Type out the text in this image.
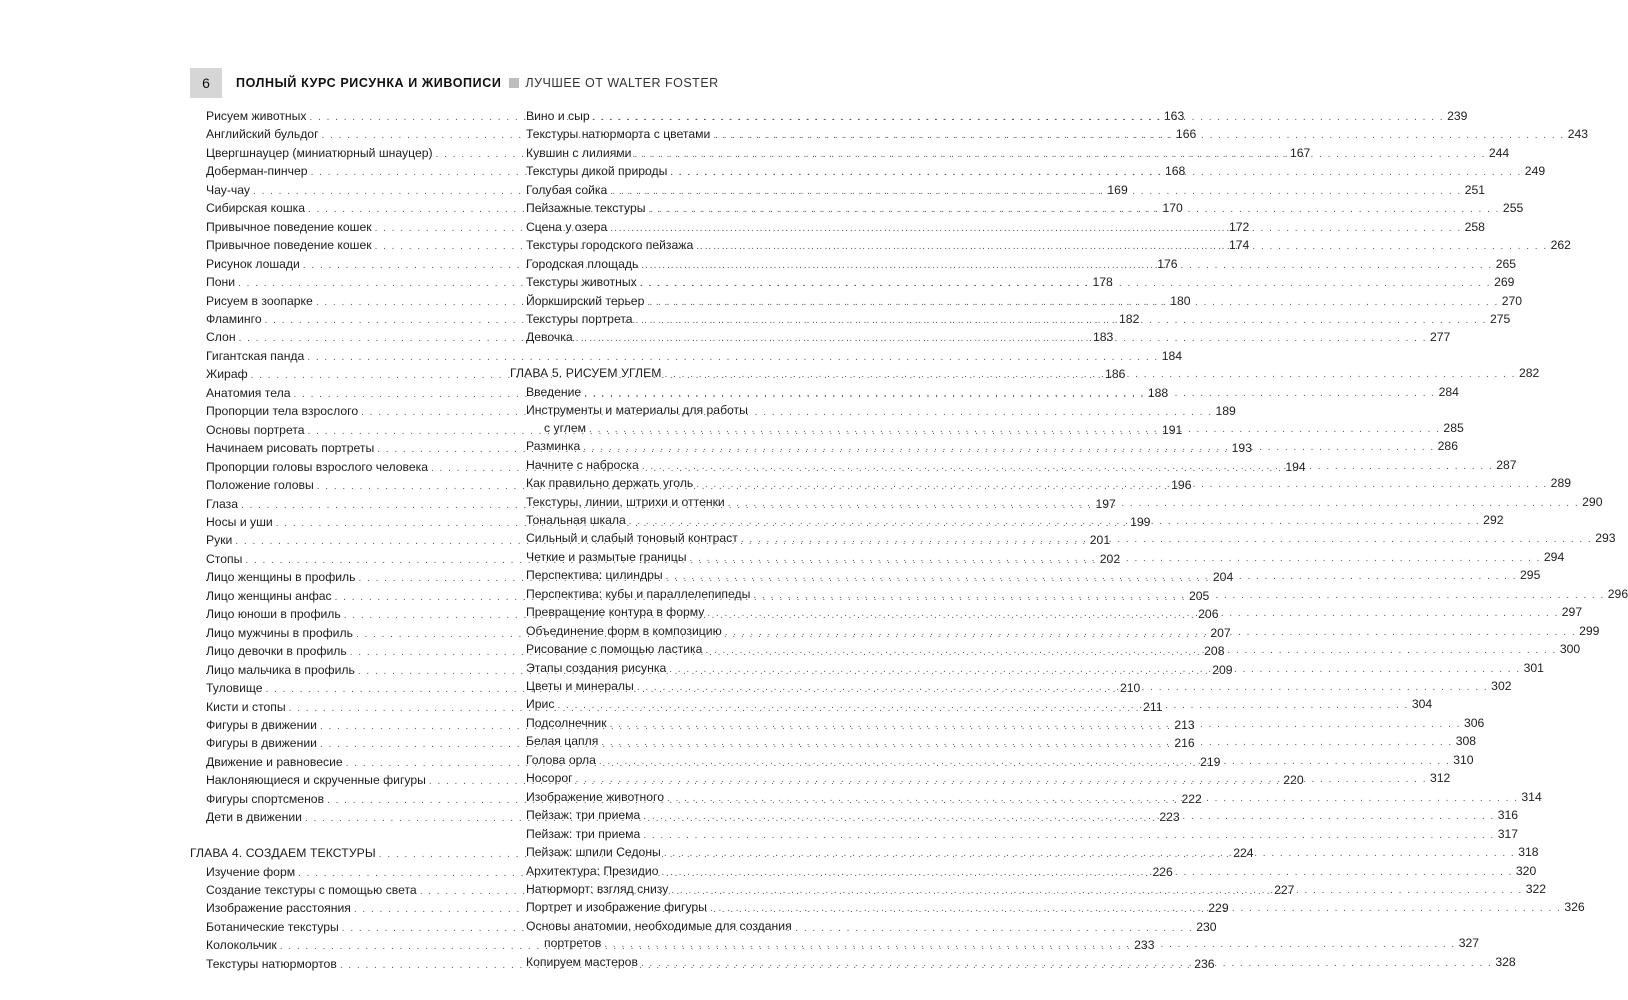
6	ПОЛНЫЙ КУРС РИСУНКА И ЖИВОПИСИ ЛУЧШЕЕ ОТ WALTER FOSTER
Рисуем животных . . .	163
Английский бульдог . . .	166
Цвергшнауцер (миниатюрный шнауцер) . . .	167
Доберман-пинчер . . .	168
Чау-чау . . .	169
Сибирская кошка . . .	170
Привычное поведение кошек . . .	172
Привычное поведение кошек . . .	174
Рисунок лошади . . .	176
Пони . . .	178
Рисуем в зоопарке . . .	180
Фламинго . . .	182
Слон . . .	183
Гигантская панда . . .	184
Жираф . . .	186
Анатомия тела . . .	188
Пропорции тела взрослого . . .	189
Основы портрета . . .	191
Начинаем рисовать портреты . . .	193
Пропорции головы взрослого человека . . .	194
Положение головы . . .	196
Глаза . . .	197
Носы и уши . . .	199
Руки . . .	201
Стопы . . .	202
Лицо женщины в профиль . . .	204
Лицо женщины анфас . . .	205
Лицо юноши в профиль . . .	206
Лицо мужчины в профиль . . .	207
Лицо девочки в профиль . . .	208
Лицо мальчика в профиль . . .	209
Туловище . . .	210
Кисти и стопы . . .	211
Фигуры в движении . . .	213
Фигуры в движении . . .	216
Движение и равновесие . . .	219
Наклоняющиеся и скрученные фигуры . . .	220
Фигуры спортсменов . . .	222
Дети в движении . . .	223
ГЛАВА 4. СОЗДАЕМ ТЕКСТУРЫ . . .	224
Изучение форм . . .	226
Создание текстуры с помощью света . . .	227
Изображение расстояния . . .	229
Ботанические текстуры . . .	230
Колокольчик . . .	233
Текстуры натюрмортов . . .	236
Вино и сыр . . .	239
Текстуры натюрморта с цветами . . .	243
Кувшин с лилиями . . .	244
Текстуры дикой природы . . .	249
Голубая сойка . . .	251
Пейзажные текстуры . . .	255
Сцена у озера . . .	258
Текстуры городского пейзажа . . .	262
Городская площадь . . .	265
Текстуры животных . . .	269
Йоркширский терьер . . .	270
Текстуры портрета . . .	275
Девочка . . .	277
ГЛАВА 5. РИСУЕМ УГЛЕМ . . .	282
Введение . . .	284
Инструменты и материалы для работы
с углем . . .	285
Разминка . . .	286
Начните с наброска . . .	287
Как правильно держать уголь . . .	289
Текстуры, линии, штрихи и оттенки . . .	290
Тональная шкала . . .	292
Сильный и слабый тоновый контраст . . .	293
Четкие и размытые границы . . .	294
Перспектива: цилиндры . . .	295
Перспектива: кубы и параллелепипеды . . .	296
Превращение контура в форму . . .	297
Объединение форм в композицию . . .	299
Рисование с помощью ластика . . .	300
Этапы создания рисунка . . .	301
Цветы и минералы . . .	302
Ирис . . .	304
Подсолнечник . . .	306
Белая цапля . . .	308
Голова орла . . .	310
Носорог . . .	312
Изображение животного . . .	314
Пейзаж: три приема . . .	316
Пейзаж: три приема . . .	317
Пейзаж: шпили Седоны . . .	318
Архитектура: Президио . . .	320
Натюрморт: взгляд снизу . . .	322
Портрет и изображение фигуры . . .	326
Основы анатомии, необходимые для создания
портретов . . .	327
Копируем мастеров . . .	328
